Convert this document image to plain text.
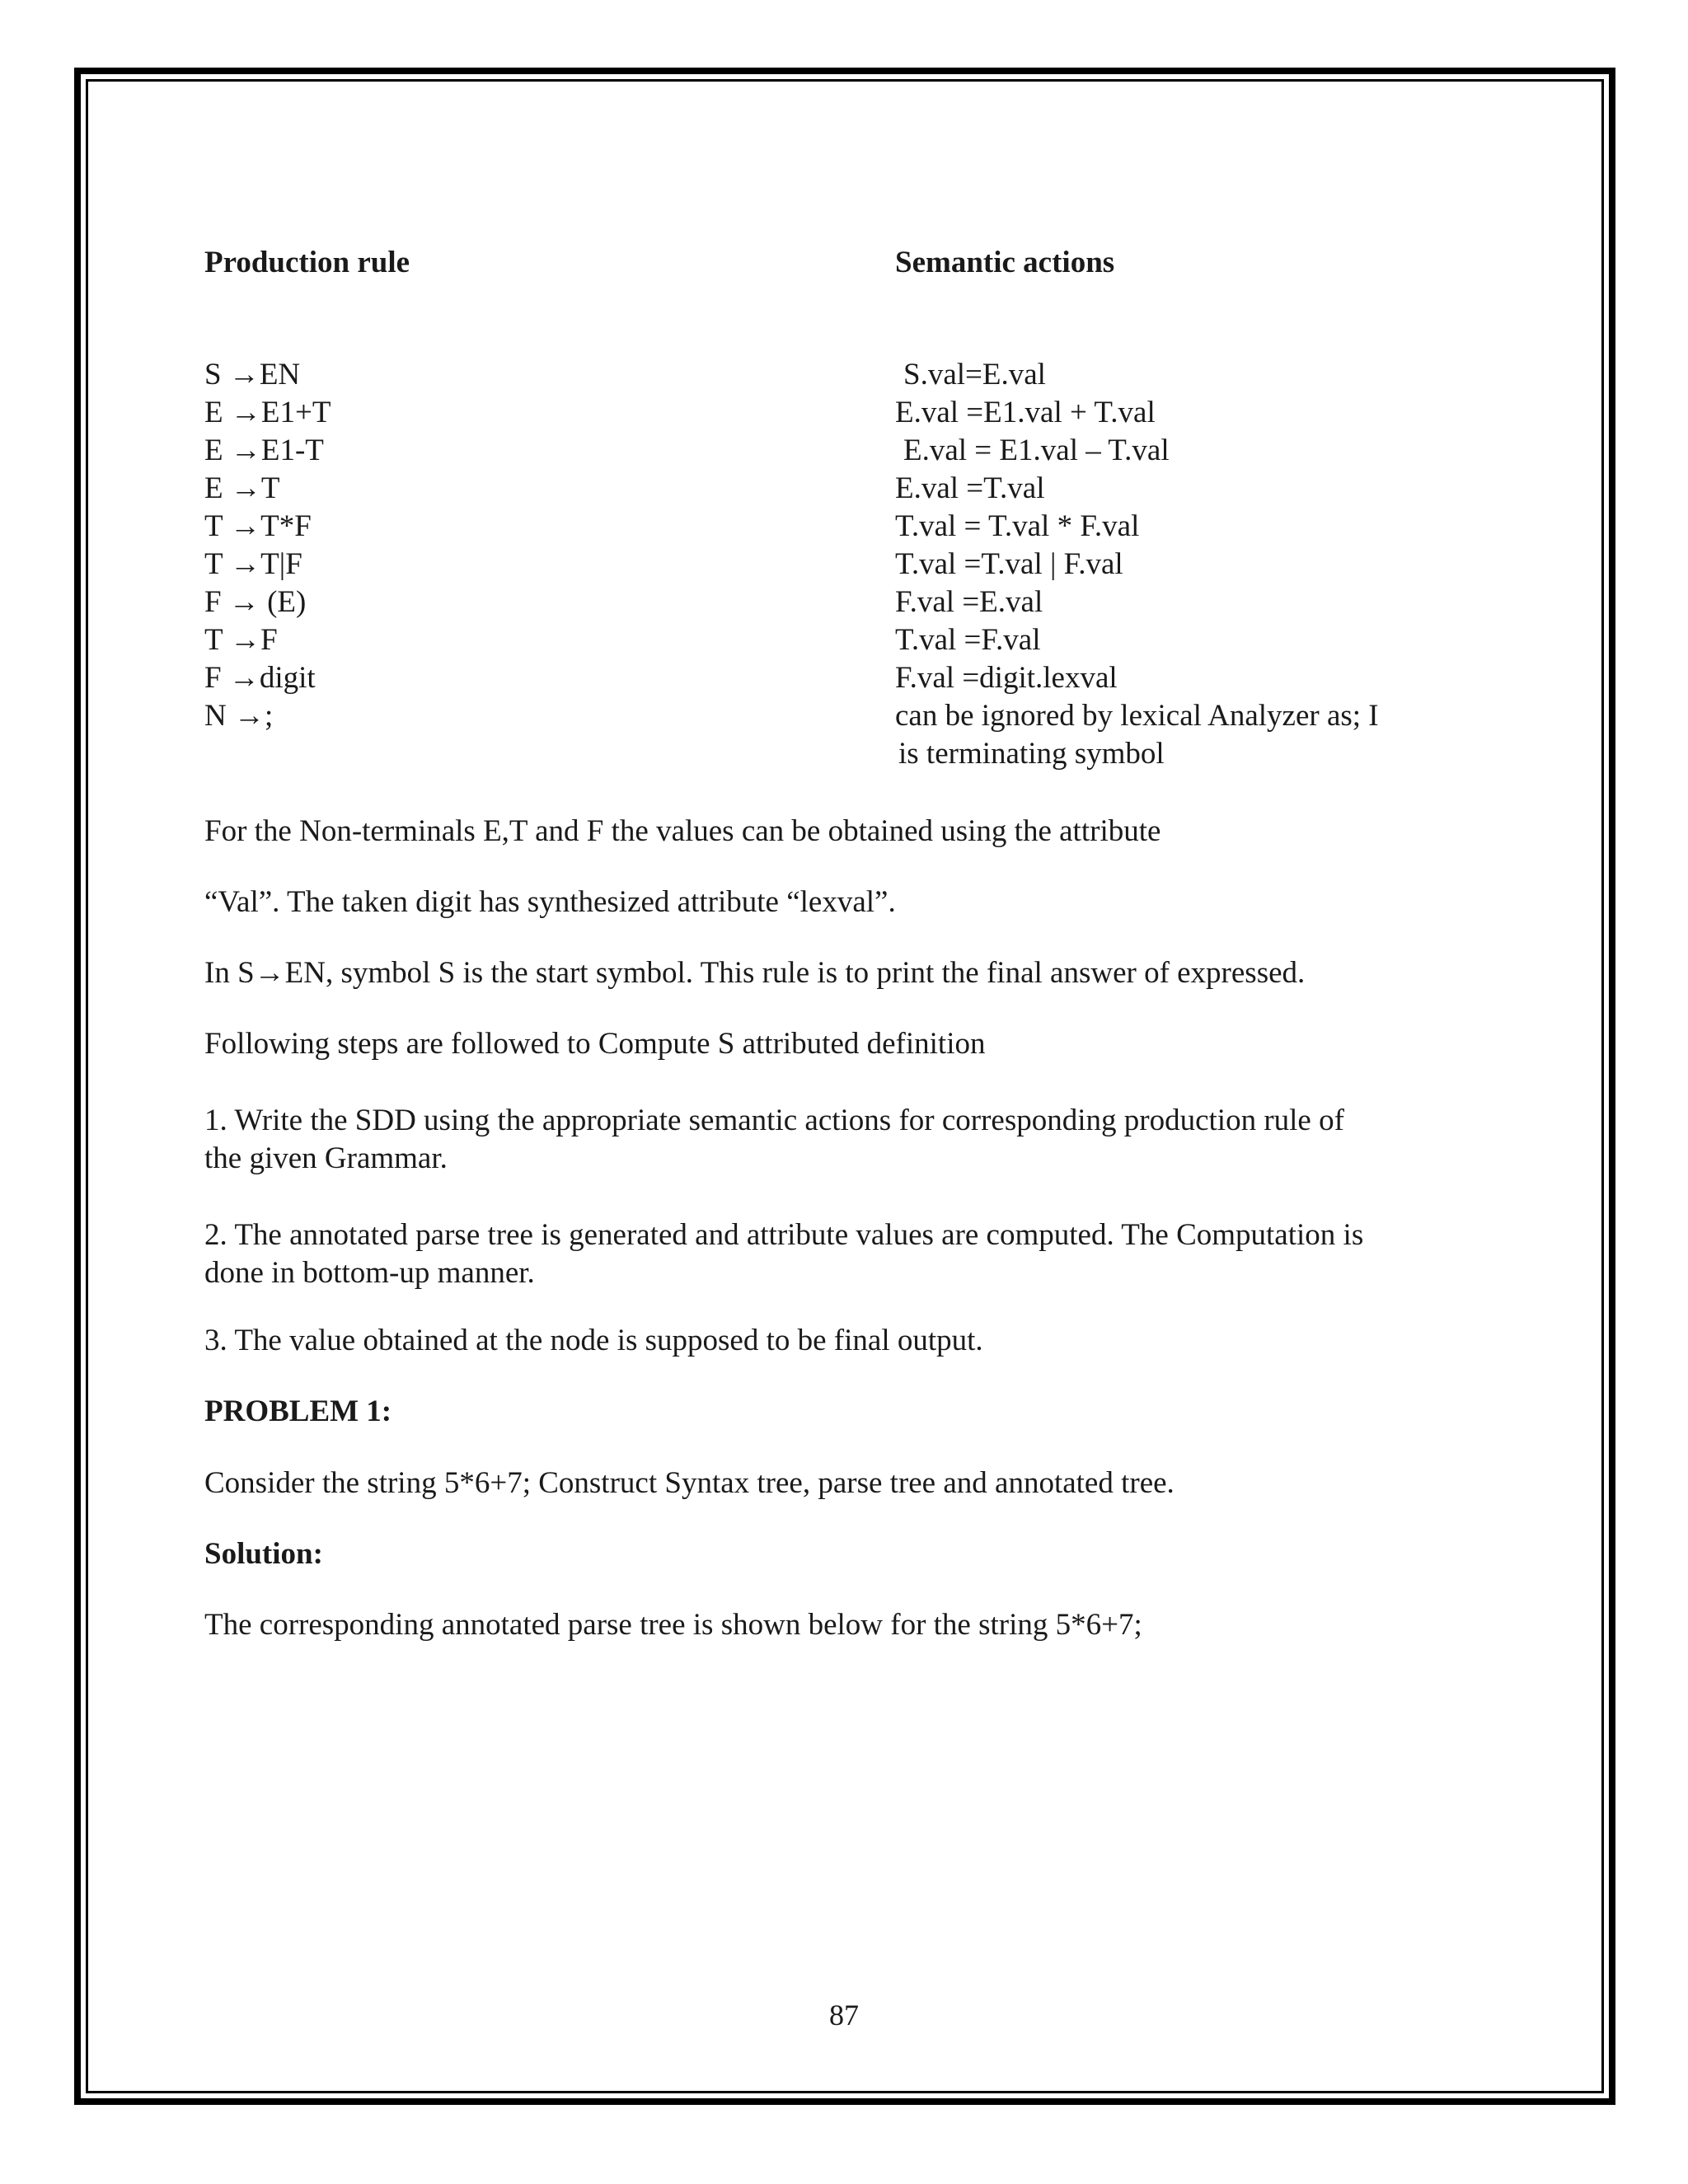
Production rule	Semantic actions
S →EN	S.val=E.val
E →E1+T	E.val =E1.val + T.val
E →E1-T	E.val = E1.val – T.val
E →T	E.val =T.val
T →T*F	T.val = T.val * F.val
T →T|F	T.val =T.val | F.val
F → (E)	F.val =E.val
T →F	T.val =F.val
F →digit	F.val =digit.lexval
N →;	can be ignored by lexical Analyzer as; I
is terminating symbol

For the Non-terminals E,T and F the values can be obtained using the attribute

“Val”. The taken digit has synthesized attribute “lexval”.

In S→EN, symbol S is the start symbol. This rule is to print the final answer of expressed.

Following steps are followed to Compute S attributed definition

1. Write the SDD using the appropriate semantic actions for corresponding production rule of
the given Grammar.
2. The annotated parse tree is generated and attribute values are computed. The Computation is
done in bottom-up manner.

3. The value obtained at the node is supposed to be final output.

PROBLEM 1:

Consider the string 5*6+7; Construct Syntax tree, parse tree and annotated tree.

Solution:

The corresponding annotated parse tree is shown below for the string 5*6+7;

87
